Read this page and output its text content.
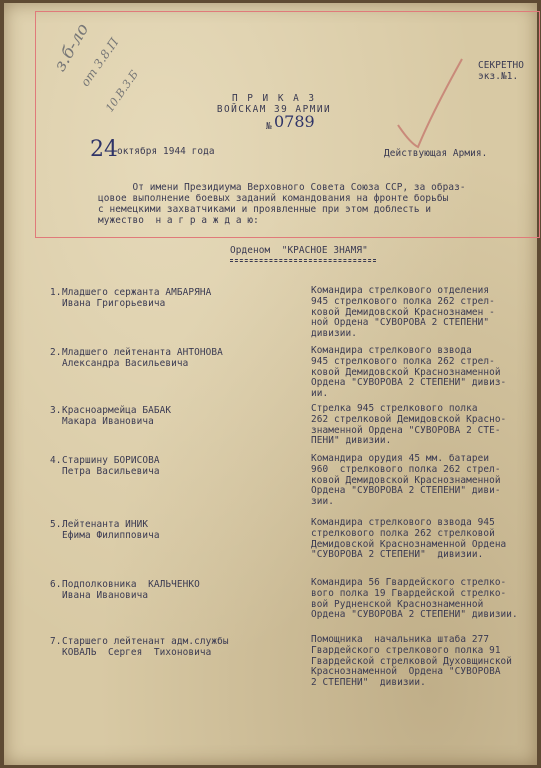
з.б-ло
от 3.8.П
10.В.3.Б
СЕКРЕТНО
экз.№1.
П Р И К А З
ВОЙСКАМ 39 АРМИИ
№ 0789
24 октября 1944 года	Действующая Армия.
От имени Президиума Верховного Совета Союза ССР, за образ-
цовое выполнение боевых заданий командования на фронте борьбы
с немецкими захватчиками и проявленные при этом доблесть и
мужество  н а г р а ж д а ю:
Орденом  "КРАСНОЕ ЗНАМЯ"
1. Младшего сержанта АМБАРЯНА
Ивана Григорьевича
Командира стрелкового отделения
945 стрелкового полка 262 стрел-
ковой Демидовской Краснознамен -
ной Ордена "СУВОРОВА 2 СТЕПЕНИ"
дивизии.
2. Младшего лейтенанта АНТОНОВА
Александра Васильевича
Командира стрелкового взвода
945 стрелкового полка 262 стрел-
ковой Демидовской Краснознаменной
Ордена "СУВОРОВА 2 СТЕПЕНИ" дивиз-
ии.
3. Красноармейца БАБАК
Макара Ивановича
Стрелка 945 стрелкового полка
262 стрелковой Демидовской Красно-
знаменной Ордена "СУВОРОВА 2 СТЕ-
ПЕНИ" дивизии.
4. Старшину БОРИСОВА
Петра Васильевича
Командира орудия 45 мм. батареи
960  стрелкового полка 262 стрел-
ковой Демидовской Краснознаменной
Ордена "СУВОРОВА 2 СТЕПЕНИ" диви-
зии.
5. Лейтенанта ИНИК
Ефима Филипповича
Командира стрелкового взвода 945
стрелкового полка 262 стрелковой
Демидовской Краснознаменной Ордена
"СУВОРОВА 2 СТЕПЕНИ"  дивизии.
6. Подполковника  КАЛЬЧЕНКО
Ивана Ивановича
Командира 56 Гвардейского стрелко-
вого полка 19 Гвардейской стрелко-
вой Рудненской Краснознаменной
Ордена "СУВОРОВА 2 СТЕПЕНИ" дивизии.
7. Старшего лейтенант адм.службы
КОВАЛЬ  Сергея  Тихоновича
Помощника  начальника штаба 277
Гвардейского стрелкового полка 91
Гвардейской стрелковой Духовщинской
Краснознаменной  Ордена "СУВОРОВА
2 СТЕПЕНИ"  дивизии.
